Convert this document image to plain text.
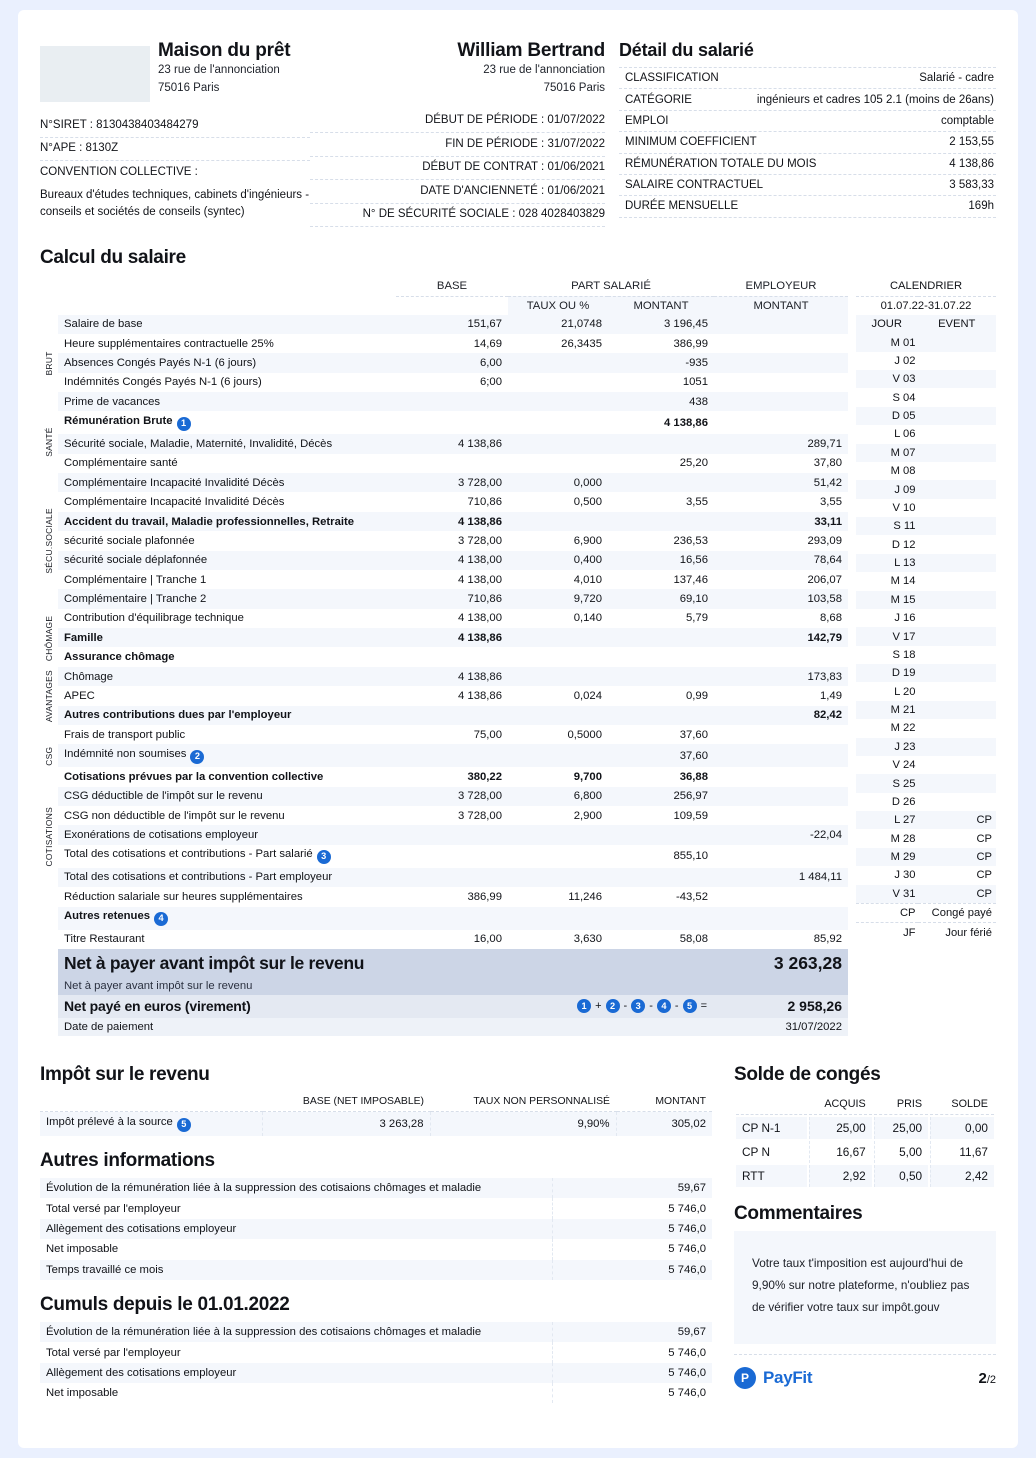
N°SIRET : 8130438403484279
N°APE : 8130Z
CONVENTION COLLECTIVE :
Bureaux d'études techniques, cabinets d'ingénieurs - conseils et sociétés de conseils (syntec)
Maison du prêt
23 rue de l'annonciation
75016 Paris
William Bertrand
23 rue de l'annonciation
75016 Paris
DÉBUT DE PÉRIODE : 01/07/2022
FIN DE PÉRIODE : 31/07/2022
DÉBUT DE CONTRAT : 01/06/2021
DATE D'ANCIENNETÉ : 01/06/2021
N° DE SÉCURITÉ SOCIALE : 028 4028403829
Détail du salarié
CLASSIFICATION	Salarié - cadre
CATÉGORIE	ingénieurs et cadres 105 2.1 (moins de 26ans)
EMPLOI	comptable
MINIMUM COEFFICIENT	2 153,55
RÉMUNÉRATION TOTALE DU MOIS	4 138,86
SALAIRE CONTRACTUEL	3 583,33
DURÉE MENSUELLE	169h
Calcul du salaire
BRUT
SANTÉ
SÉCU.SOCIALE
CHÔMAGE
AVANTAGES
CSG
COTISATIONS
	BASE	PART SALARIÉ		EMPLOYEUR
		TAUX OU %	MONTANT	MONTANT
Salaire de base	151,67	21,0748	3 196,45	
Heure supplémentaires contractuelle 25%	14,69	26,3435	386,99	
Absences Congés Payés N-1 (6 jours)	6,00		-935	
Indémnités Congés Payés N-1 (6 jours)	6;00		1051	
Prime de vacances			438	
Rémunération Brute 1			4 138,86	
Sécurité sociale, Maladie, Maternité, Invalidité, Décès	4 138,86			289,71
Complémentaire santé			25,20	37,80
Complémentaire Incapacité Invalidité Décès	3 728,00	0,000		51,42
Complémentaire Incapacité Invalidité Décès	710,86	0,500	3,55	3,55
Accident du travail, Maladie professionnelles, Retraite	4 138,86			33,11
sécurité sociale plafonnée	3 728,00	6,900	236,53	293,09
sécurité sociale déplafonnée	4 138,00	0,400	16,56	78,64
Complémentaire | Tranche 1	4 138,00	4,010	137,46	206,07
Complémentaire | Tranche 2	710,86	9,720	69,10	103,58
Contribution d'équilibrage technique	4 138,00	0,140	5,79	8,68
Famille	4 138,86			142,79
Assurance chômage				
Chômage	4 138,86			173,83
APEC	4 138,86	0,024	0,99	1,49
Autres contributions dues par l'employeur				82,42
Frais de transport public	75,00	0,5000	37,60	
Indémnité non soumises 2			37,60	
Cotisations prévues par la convention collective	380,22	9,700	36,88	
CSG déductible de l'impôt sur le revenu	3 728,00	6,800	256,97	
CSG non déductible de l'impôt sur le revenu	3 728,00	2,900	109,59	
Exonérations de cotisations employeur				-22,04
Total des cotisations et contributions - Part salarié 3			855,10	
Total des cotisations et contributions - Part employeur				1 484,11
Réduction salariale sur heures supplémentaires	386,99	11,246	-43,52	
Autres retenues 4				
Titre Restaurant	16,00	3,630	58,08	85,92
Net à payer avant impôt sur le revenu				3 263,28
Net à payer avant impôt sur le revenu				
Net payé en euros (virement)	1 + 2 - 3 - 4 - 5 =	2 958,26
Date de paiement				31/07/2022
CALENDRIER	
01.07.22-31.07.22	
JOUR	EVENT
M 01	
J 02	
V 03	
S 04	
D 05	
L 06	
M 07	
M 08	
J 09	
V 10	
S 11	
D 12	
L 13	
M 14	
M 15	
J 16	
V 17	
S 18	
D 19	
L 20	
M 21	
M 22	
J 23	
V 24	
S 25	
D 26	
L 27	CP
M 28	CP
M 29	CP
J 30	CP
V 31	CP
CP	Congé payé
JF	Jour férié
Impôt sur le revenu
	BASE (NET IMPOSABLE)	TAUX NON PERSONNALISÉ	MONTANT
Impôt prélevé à la source 5	3 263,28	9,90%	305,02
Autres informations
Évolution de la rémunération liée à la suppression des cotisaions chômages et maladie	59,67
Total versé par l'employeur	5 746,0
Allègement des cotisations employeur	5 746,0
Net imposable	5 746,0
Temps travaillé ce mois	5 746,0
Cumuls depuis le 01.01.2022
Évolution de la rémunération liée à la suppression des cotisaions chômages et maladie	59,67
Total versé par l'employeur	5 746,0
Allègement des cotisations employeur	5 746,0
Net imposable	5 746,0
Solde de congés
	ACQUIS	PRIS	SOLDE
CP N-1	25,00	25,00	0,00
CP N	16,67	5,00	11,67
RTT	2,92	0,50	2,42
Commentaires

Votre taux t'imposition est aujourd'hui de 9,90% sur notre plateforme, n'oubliez pas de vérifier votre taux sur impôt.gouv

P PayFit	2/2
